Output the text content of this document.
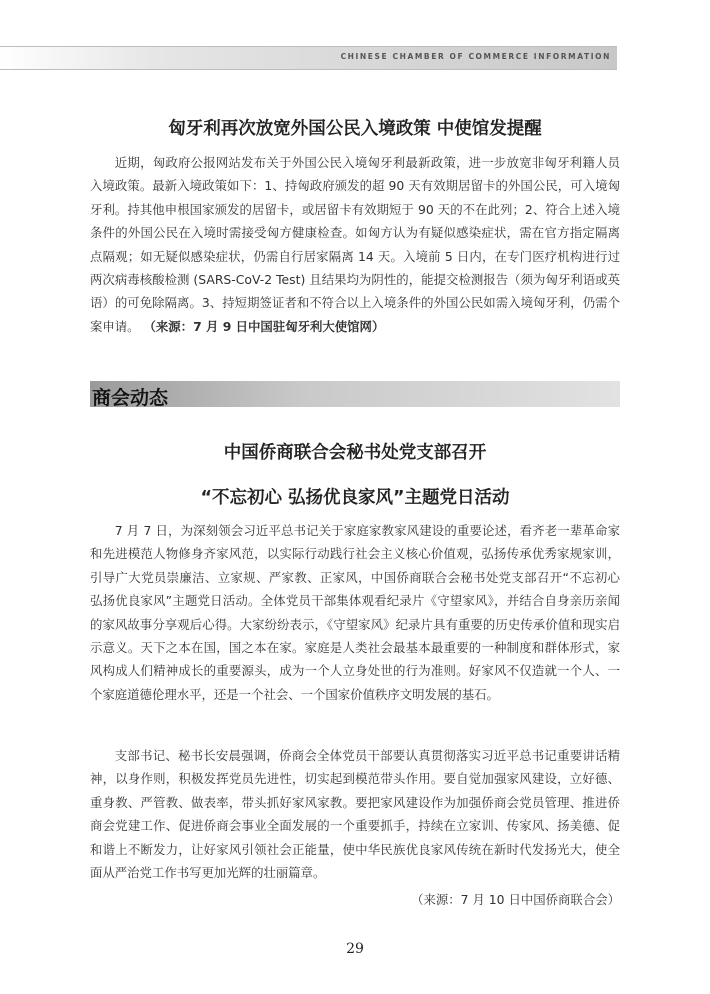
CHINESE CHAMBER OF COMMERCE INFORMATION
匈牙利再次放宽外国公民入境政策 中使馆发提醒

近期，匈政府公报网站发布关于外国公民入境匈牙利最新政策，进一步放宽非匈牙利籍人员入境政策。最新入境政策如下：1、持匈政府颁发的超 90 天有效期居留卡的外国公民，可入境匈牙利。持其他申根国家颁发的居留卡，或居留卡有效期短于 90 天的不在此列；2、符合上述入境条件的外国公民在入境时需接受匈方健康检查。如匈方认为有疑似感染症状，需在官方指定隔离点隔观；如无疑似感染症状，仍需自行居家隔离 14 天。入境前 5 日内，在专门医疗机构进行过两次病毒核酸检测 (SARS-CoV-2 Test) 且结果均为阴性的，能提交检测报告（须为匈牙利语或英语）的可免除隔离。3、持短期签证者和不符合以上入境条件的外国公民如需入境匈牙利，仍需个案申请。 （来源：7 月 9 日中国驻匈牙利大使馆网）

商会动态
中国侨商联合会秘书处党支部召开
“不忘初心 弘扬优良家风”主题党日活动

7 月 7 日，为深刻领会习近平总书记关于家庭家教家风建设的重要论述，看齐老一辈革命家和先进模范人物修身齐家风范，以实际行动践行社会主义核心价值观，弘扬传承优秀家规家训，引导广大党员崇廉洁、立家规、严家教、正家风，中国侨商联合会秘书处党支部召开“不忘初心 弘扬优良家风”主题党日活动。全体党员干部集体观看纪录片《守望家风》，并结合自身亲历亲闻的家风故事分享观后心得。大家纷纷表示，《守望家风》纪录片具有重要的历史传承价值和现实启示意义。天下之本在国，国之本在家。家庭是人类社会最基本最重要的一种制度和群体形式，家风构成人们精神成长的重要源头，成为一个人立身处世的行为准则。好家风不仅造就一个人、一个家庭道德伦理水平，还是一个社会、一个国家价值秩序文明发展的基石。

支部书记、秘书长安晨强调，侨商会全体党员干部要认真贯彻落实习近平总书记重要讲话精神，以身作则，积极发挥党员先进性，切实起到模范带头作用。要自觉加强家风建设，立好德、重身教、严管教、做表率，带头抓好家风家教。要把家风建设作为加强侨商会党员管理、推进侨商会党建工作、促进侨商会事业全面发展的一个重要抓手，持续在立家训、传家风、扬美德、促和谐上不断发力，让好家风引领社会正能量，使中华民族优良家风传统在新时代发扬光大，使全面从严治党工作书写更加光辉的壮丽篇章。

（来源：7 月 10 日中国侨商联合会）
29
